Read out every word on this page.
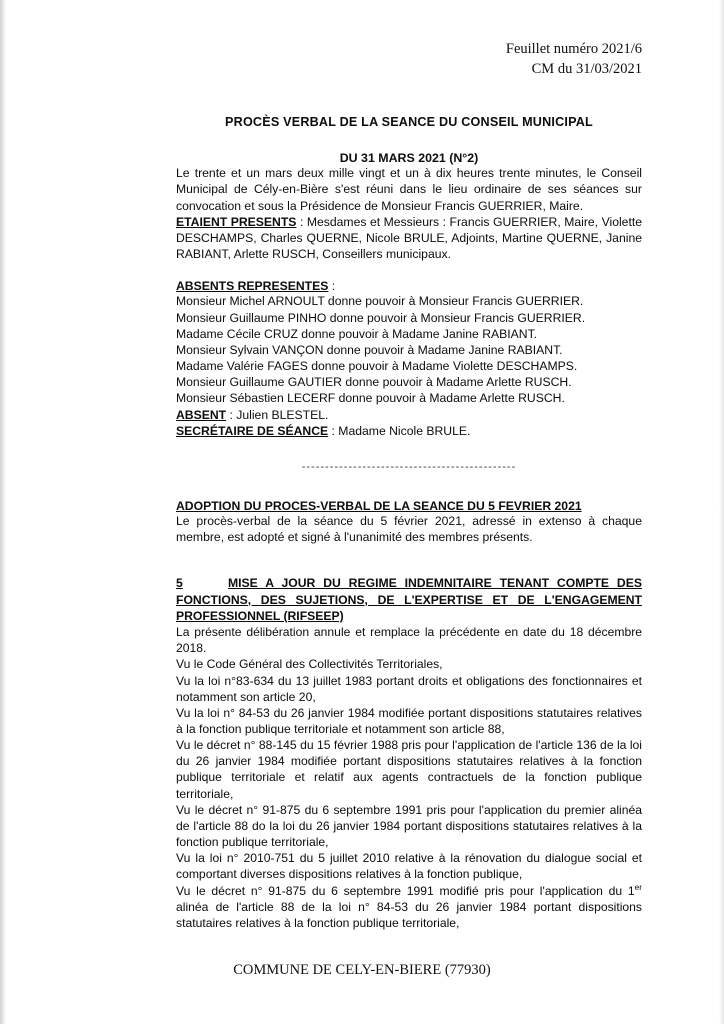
Feuillet numéro 2021/6
CM du 31/03/2021
PROCÈS VERBAL DE LA SEANCE DU CONSEIL MUNICIPAL
DU 31 MARS 2021 (N°2)

Le trente et un mars deux mille vingt et un à dix heures trente minutes, le Conseil Municipal de Cély-en-Bière s'est réuni dans le lieu ordinaire de ses séances sur convocation et sous la Présidence de Monsieur Francis GUERRIER, Maire.

ETAIENT PRESENTS : Mesdames et Messieurs : Francis GUERRIER, Maire, Violette DESCHAMPS, Charles QUERNE, Nicole BRULE, Adjoints, Martine QUERNE, Janine RABIANT, Arlette RUSCH, Conseillers municipaux.

ABSENTS REPRESENTES :
Monsieur Michel ARNOULT donne pouvoir à Monsieur Francis GUERRIER.
Monsieur Guillaume PINHO donne pouvoir à Monsieur Francis GUERRIER.
Madame Cécile CRUZ donne pouvoir à Madame Janine RABIANT.
Monsieur Sylvain VANÇON donne pouvoir à Madame Janine RABIANT.
Madame Valérie FAGES donne pouvoir à Madame Violette DESCHAMPS.
Monsieur Guillaume GAUTIER donne pouvoir à Madame Arlette RUSCH.
Monsieur Sébastien LECERF donne pouvoir à Madame Arlette RUSCH.

ABSENT : Julien BLESTEL.

SECRÉTAIRE DE SÉANCE : Madame Nicole BRULE.

----------------------------------------------
ADOPTION DU PROCES-VERBAL DE LA SEANCE DU 5 FEVRIER 2021

Le procès-verbal de la séance du 5 février 2021, adressé in extenso à chaque membre, est adopté et signé à l'unanimité des membres présents.

5	MISE A JOUR DU REGIME INDEMNITAIRE TENANT COMPTE DES FONCTIONS, DES SUJETIONS, DE L'EXPERTISE ET DE L'ENGAGEMENT PROFESSIONNEL (RIFSEEP)

La présente délibération annule et remplace la précédente en date du 18 décembre 2018.

Vu le Code Général des Collectivités Territoriales,
Vu la loi n°83-634 du 13 juillet 1983 portant droits et obligations des fonctionnaires et notamment son article 20,
Vu la loi n° 84-53 du 26 janvier 1984 modifiée portant dispositions statutaires relatives à la fonction publique territoriale et notamment son article 88,
Vu le décret n° 88-145 du 15 février 1988 pris pour l'application de l'article 136 de la loi du 26 janvier 1984 modifiée portant dispositions statutaires relatives à la fonction publique territoriale et relatif aux agents contractuels de la fonction publique territoriale,
Vu le décret n° 91-875 du 6 septembre 1991 pris pour l'application du premier alinéa de l'article 88 do la loi du 26 janvier 1984 portant dispositions statutaires relatives à la fonction publique territoriale,
Vu la loi n° 2010-751 du 5 juillet 2010 relative à la rénovation du dialogue social et comportant diverses dispositions relatives à la fonction publique,
Vu le décret n° 91-875 du 6 septembre 1991 modifié pris pour l'application du 1er alinéa de l'article 88 de la loi n° 84-53 du 26 janvier 1984 portant dispositions statutaires relatives à la fonction publique territoriale,
COMMUNE DE CELY-EN-BIERE (77930)
